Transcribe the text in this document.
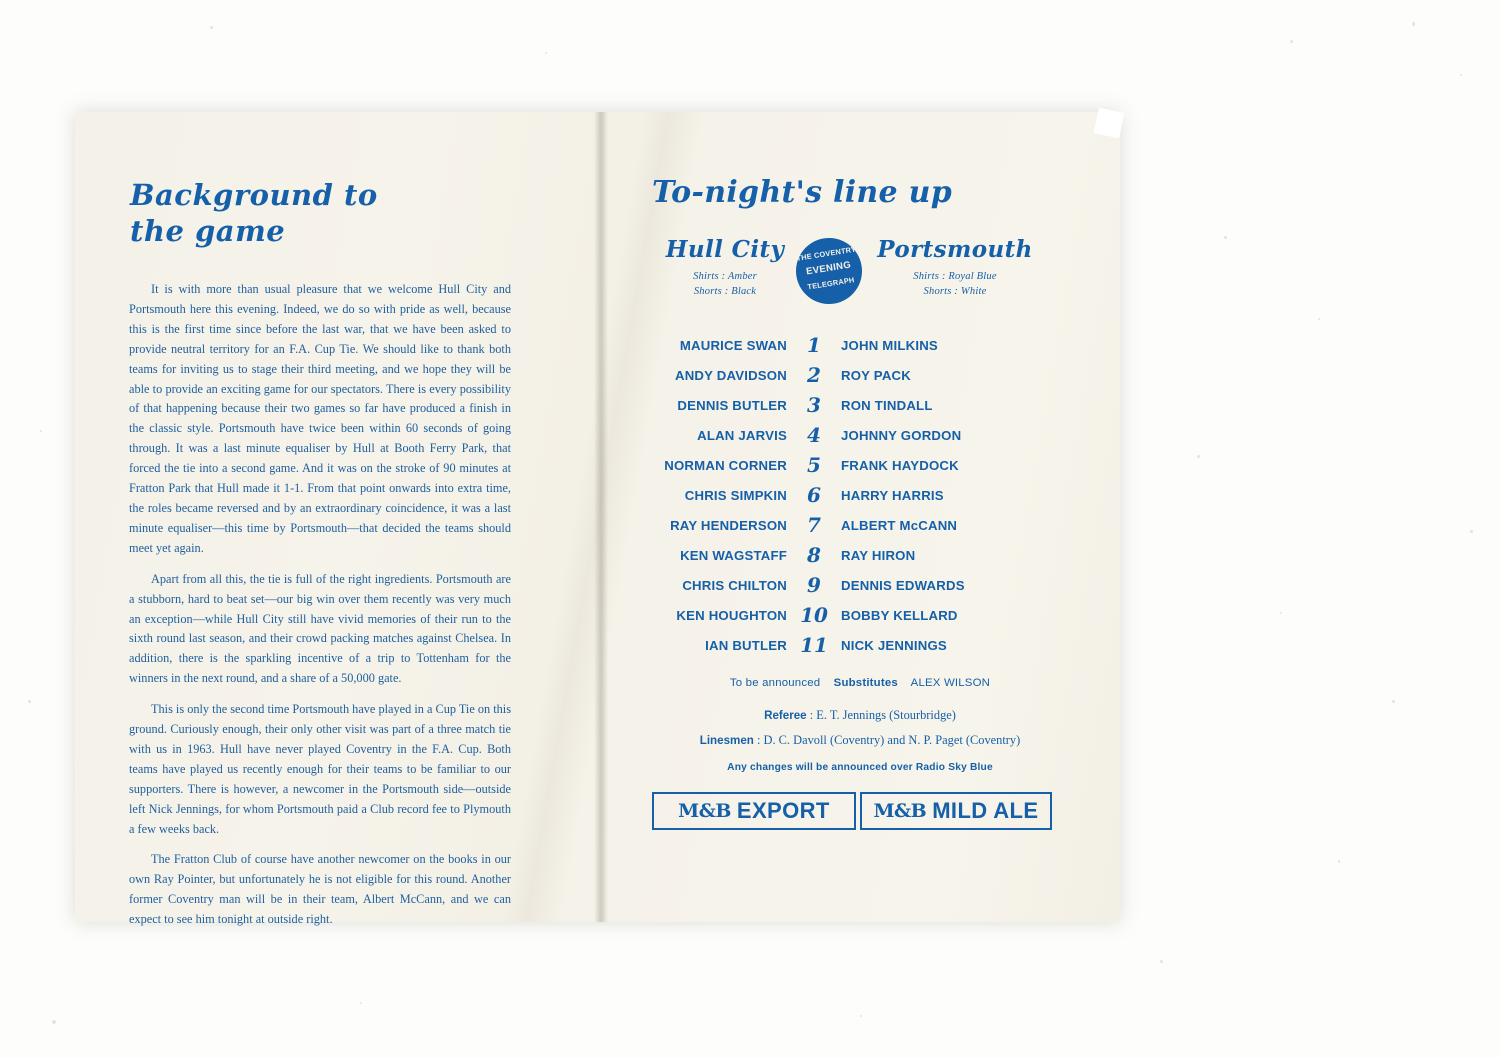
Background to
the game

It is with more than usual pleasure that we welcome Hull City and Portsmouth here this evening. Indeed, we do so with pride as well, because this is the first time since before the last war, that we have been asked to provide neutral territory for an F.A. Cup Tie. We should like to thank both teams for inviting us to stage their third meeting, and we hope they will be able to provide an exciting game for our spectators. There is every possibility of that happening because their two games so far have produced a finish in the classic style. Portsmouth have twice been within 60 seconds of going through. It was a last minute equaliser by Hull at Booth Ferry Park, that forced the tie into a second game. And it was on the stroke of 90 minutes at Fratton Park that Hull made it 1-1. From that point onwards into extra time, the roles became reversed and by an extraordinary coincidence, it was a last minute equaliser—this time by Portsmouth—that decided the teams should meet yet again.

Apart from all this, the tie is full of the right ingredients. Portsmouth are a stubborn, hard to beat set—our big win over them recently was very much an exception—while Hull City still have vivid memories of their run to the sixth round last season, and their crowd packing matches against Chelsea. In addition, there is the sparkling incentive of a trip to Tottenham for the winners in the next round, and a share of a 50,000 gate.

This is only the second time Portsmouth have played in a Cup Tie on this ground. Curiously enough, their only other visit was part of a three match tie with us in 1963. Hull have never played Coventry in the F.A. Cup. Both teams have played us recently enough for their teams to be familiar to our supporters. There is however, a newcomer in the Portsmouth side—outside left Nick Jennings, for whom Portsmouth paid a Club record fee to Plymouth a few weeks back.

The Fratton Club of course have another newcomer on the books in our own Ray Pointer, but unfortunately he is not eligible for this round. Another former Coventry man will be in their team, Albert McCann, and we can expect to see him tonight at outside right.

To-night's line up
Hull City
Shirts : Amber
Shorts : Black
THE COVENTRY
EVENING
TELEGRAPH
Portsmouth
Shirts : Royal Blue
Shorts : White
MAURICE SWAN	1	JOHN MILKINS
ANDY DAVIDSON	2	ROY PACK
DENNIS BUTLER	3	RON TINDALL
ALAN JARVIS	4	JOHNNY GORDON
NORMAN CORNER	5	FRANK HAYDOCK
CHRIS SIMPKIN	6	HARRY HARRIS
RAY HENDERSON	7	ALBERT McCANN
KEN WAGSTAFF	8	RAY HIRON
CHRIS CHILTON	9	DENNIS EDWARDS
KEN HOUGHTON 10 BOBBY KELLARD
IAN BUTLER 11 NICK JENNINGS
To be announced Substitutes ALEX WILSON
Referee : E. T. Jennings (Stourbridge)
Linesmen : D. C. Davoll (Coventry) and N. P. Paget (Coventry)
Any changes will be announced over Radio Sky Blue
M&B EXPORT M&B MILD ALE
